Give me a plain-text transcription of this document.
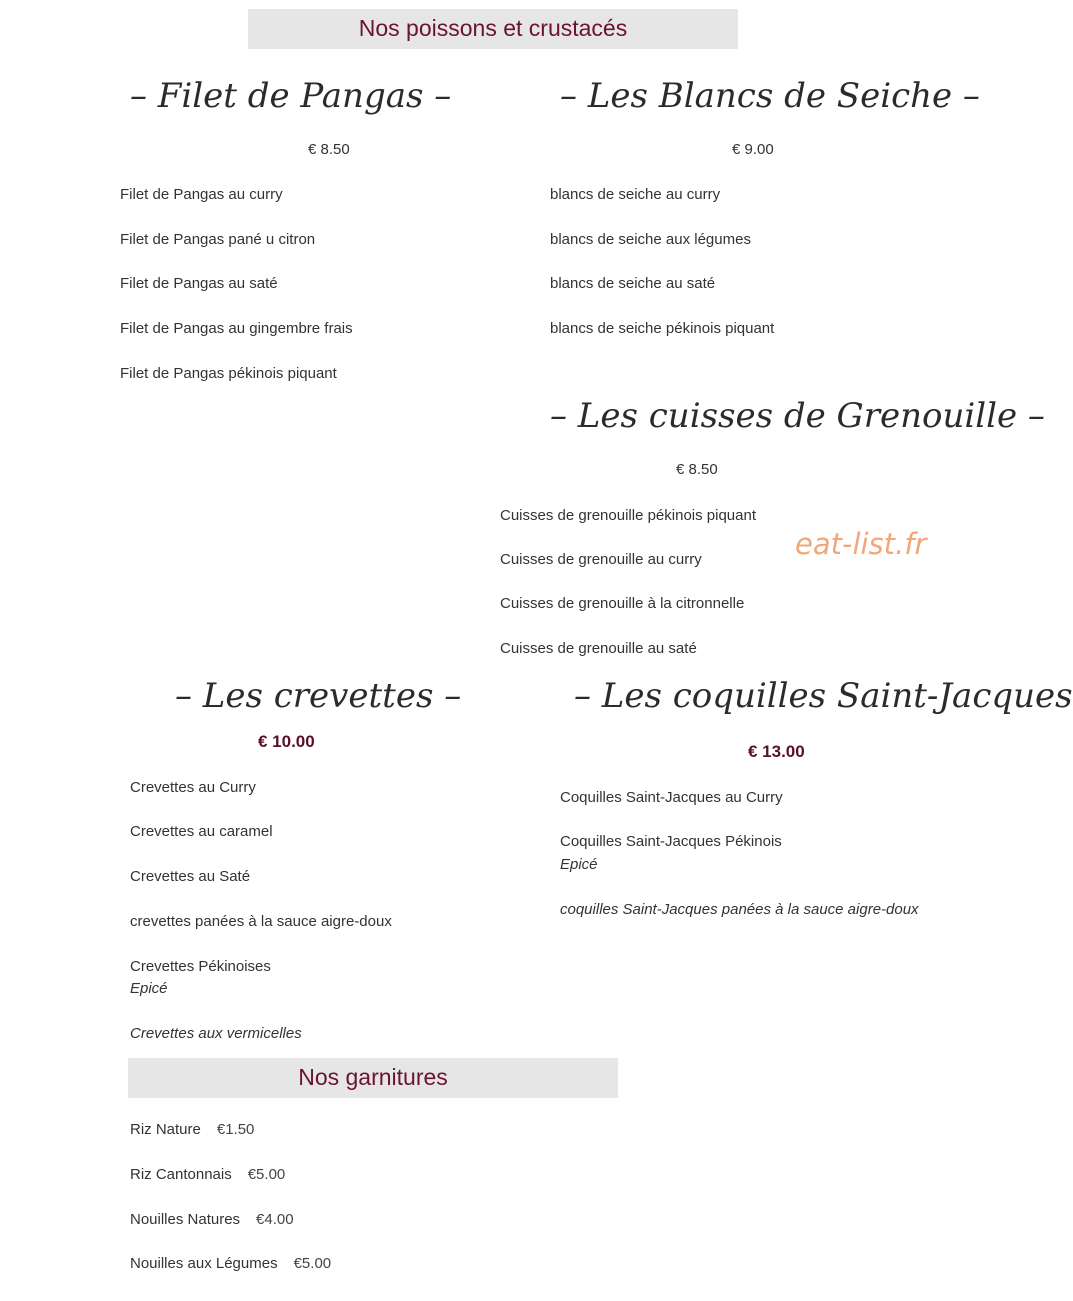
Nos poissons et crustacés
– Filet de Pangas –
€ 8.50
Filet de Pangas au curry
Filet de Pangas pané u citron
Filet de Pangas au saté
Filet de Pangas au gingembre frais
Filet de Pangas pékinois piquant
– Les Blancs de Seiche –
€ 9.00
blancs de seiche au curry
blancs de seiche aux légumes
blancs de seiche au saté
blancs de seiche pékinois piquant
– Les cuisses de Grenouille –
€ 8.50
Cuisses de grenouille pékinois piquant
Cuisses de grenouille au curry
Cuisses de grenouille à la citronnelle
Cuisses de grenouille au saté
eat-list.fr
– Les crevettes –
€ 10.00
Crevettes au Curry
Crevettes au caramel
Crevettes au Saté
crevettes panées à la sauce aigre-doux
Crevettes Pékinoises
Epicé
Crevettes aux vermicelles
– Les coquilles Saint-Jacques
€ 13.00
Coquilles Saint-Jacques au Curry
Coquilles Saint-Jacques Pékinois
Epicé
coquilles Saint-Jacques panées à la sauce aigre-doux
Nos garnitures
Riz Nature €1.50
Riz Cantonnais €5.00
Nouilles Natures €4.00
Nouilles aux Légumes €5.00
